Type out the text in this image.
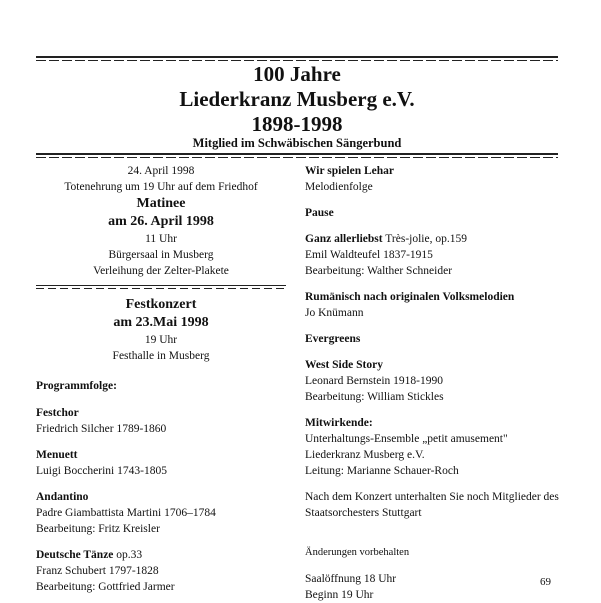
100 Jahre
Liederkranz Musberg e.V.
1898-1998
Mitglied im Schwäbischen Sängerbund
24. April 1998
Totenehrung um 19 Uhr auf dem Friedhof
Matinee
am 26. April 1998
11 Uhr
Bürgersaal in Musberg
Verleihung der Zelter-Plakete
Festkonzert
am 23.Mai 1998
19 Uhr
Festhalle in Musberg
Programmfolge:
Festchor
Friedrich Silcher 1789-1860
Menuett
Luigi Boccherini 1743-1805
Andantino
Padre Giambattista Martini 1706–1784
Bearbeitung: Fritz Kreisler
Deutsche Tänze op.33
Franz Schubert 1797-1828
Bearbeitung: Gottfried Jarmer
Wir spielen Lehar
Melodienfolge
Pause
Ganz allerliebst Très-jolie, op.159
Emil Waldteufel 1837-1915
Bearbeitung: Walther Schneider
Rumänisch nach originalen Volksmelodien
Jo Knümann
Evergreens
West Side Story
Leonard Bernstein 1918-1990
Bearbeitung: William Stickles
Mitwirkende:
Unterhaltungs-Ensemble „petit amusement"
Liederkranz Musberg e.V.
Leitung: Marianne Schauer-Roch
Nach dem Konzert unterhalten Sie noch Mitglieder des Staatsorchesters Stuttgart
Änderungen vorbehalten
Saalöffnung 18 Uhr
Beginn 19 Uhr
69
